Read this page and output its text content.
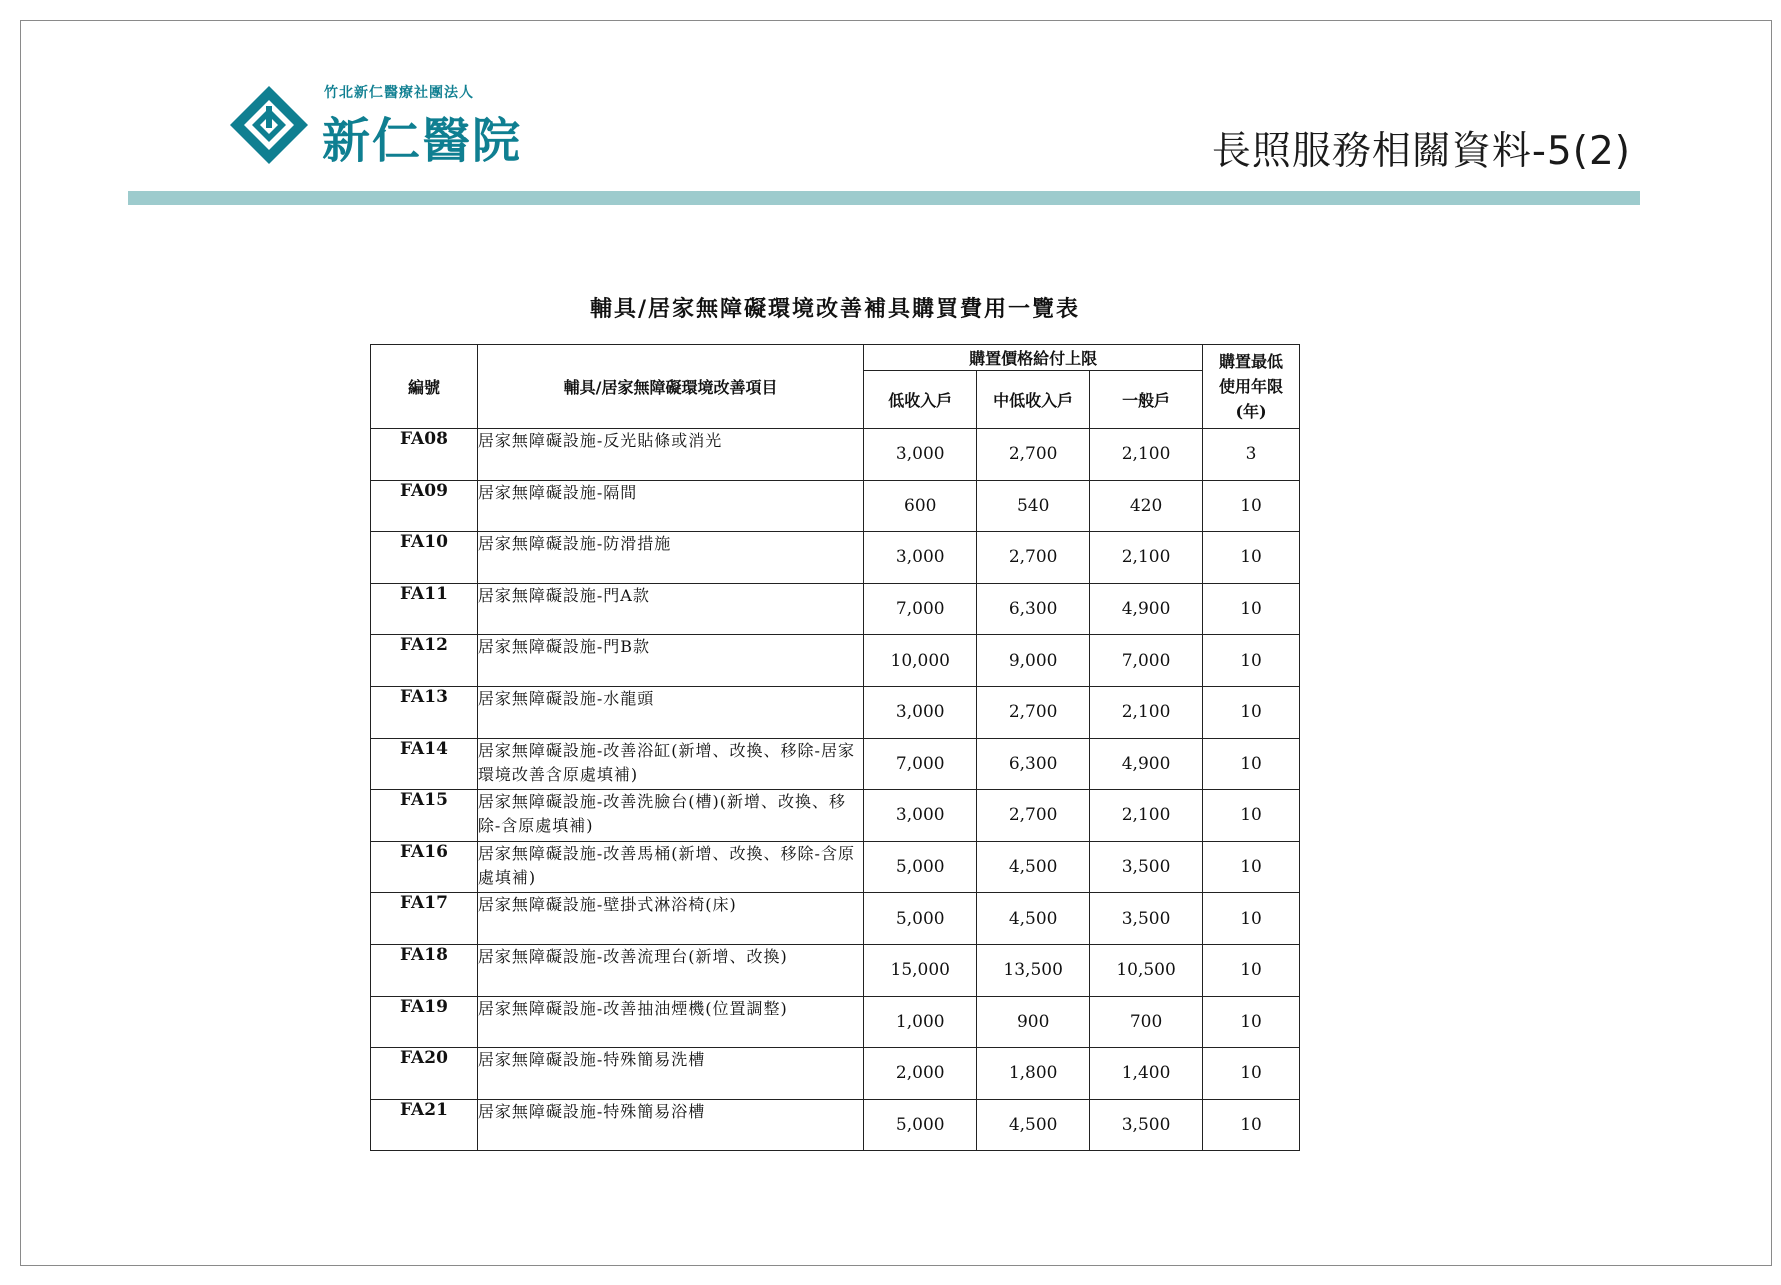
竹北新仁醫療社團法人
新仁醫院	長照服務相關資料-5(2)
輔具/居家無障礙環境改善補具購買費用一覽表
編號	輔具/居家無障礙環境改善項目	購置價格給付上限			購置最低使用年限(年)
		低收入戶	中低收入戶	一般戶	
FA08	居家無障礙設施-反光貼條或消光	3,000	2,700	2,100	3
FA09	居家無障礙設施-隔間	600	540	420	10
FA10	居家無障礙設施-防滑措施	3,000	2,700	2,100	10
FA11	居家無障礙設施-門A款	7,000	6,300	4,900	10
FA12	居家無障礙設施-門B款	10,000	9,000	7,000	10
FA13	居家無障礙設施-水龍頭	3,000	2,700	2,100	10
FA14	居家無障礙設施-改善浴缸(新增、改換、移除-居家環境改善含原處填補)	7,000	6,300	4,900	10
FA15	居家無障礙設施-改善洗臉台(槽)(新增、改換、移除-含原處填補)	3,000	2,700	2,100	10
FA16	居家無障礙設施-改善馬桶(新增、改換、移除-含原處填補)	5,000	4,500	3,500	10
FA17	居家無障礙設施-壁掛式淋浴椅(床)	5,000	4,500	3,500	10
FA18	居家無障礙設施-改善流理台(新增、改換)	15,000	13,500	10,500	10
FA19	居家無障礙設施-改善抽油煙機(位置調整)	1,000	900	700	10
FA20	居家無障礙設施-特殊簡易洗槽	2,000	1,800	1,400	10
FA21	居家無障礙設施-特殊簡易浴槽	5,000	4,500	3,500	10
